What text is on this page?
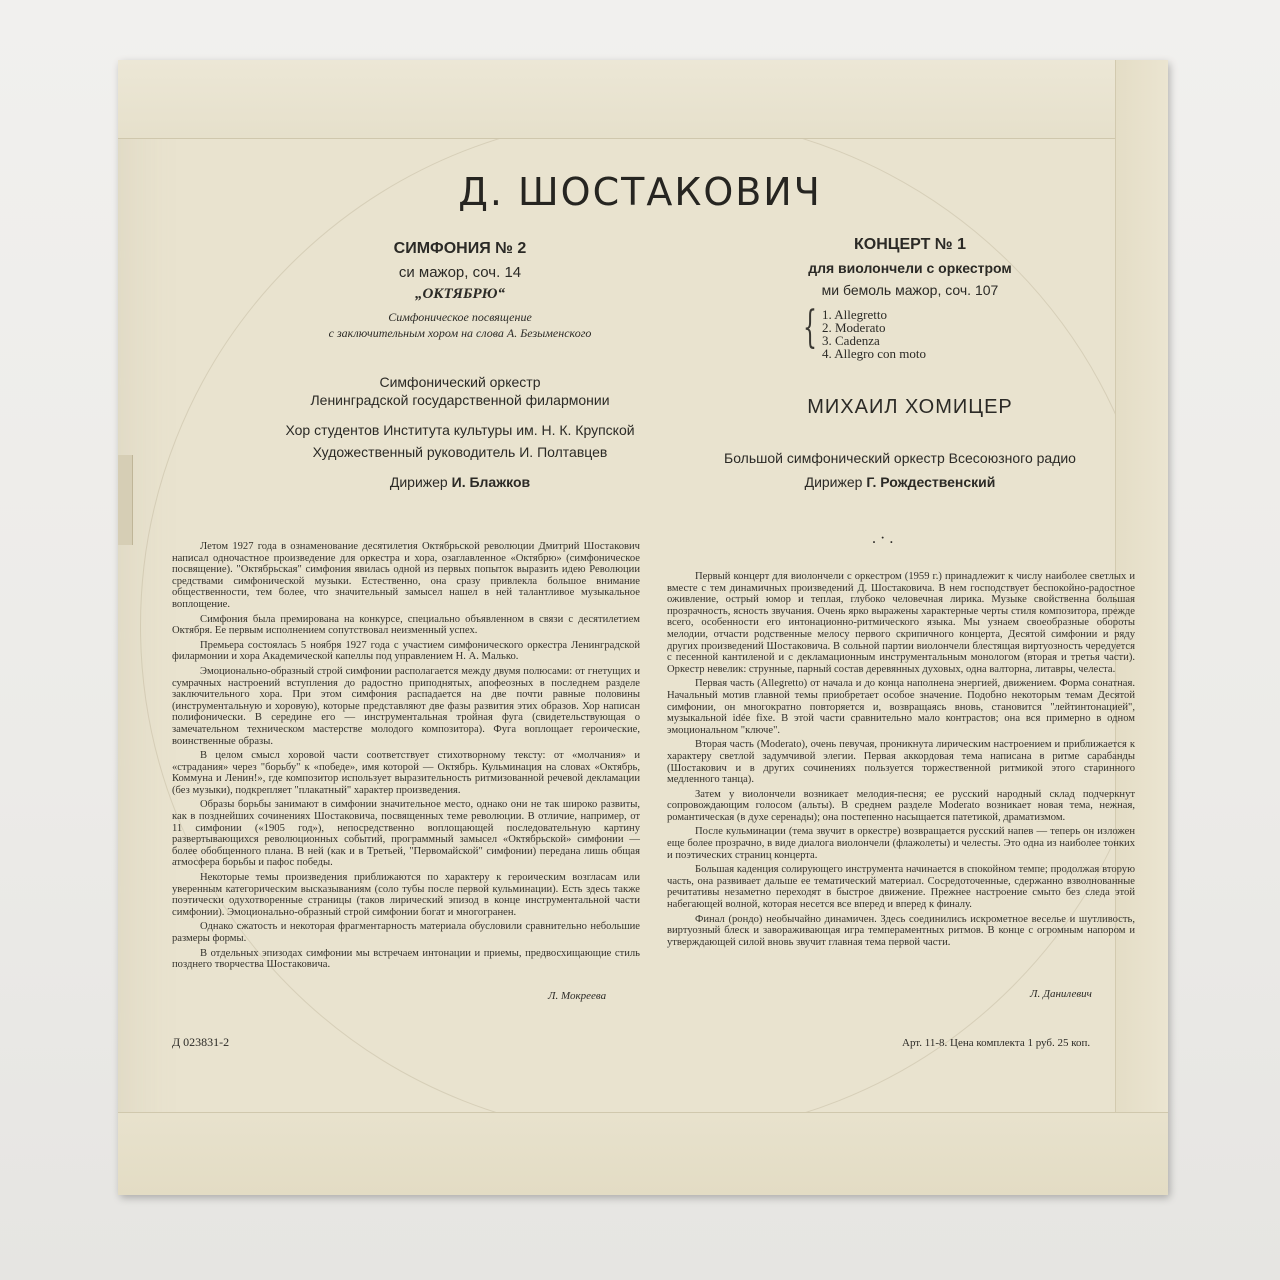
Д. ШОСТАКОВИЧ
СИМФОНИЯ № 2
си мажор, соч. 14
„ОКТЯБРЮ“
Симфоническое посвящение
с заключительным хором на слова А. Безыменского
Симфонический оркестр
Ленинградской государственной филармонии
Хор студентов Института культуры им. Н. К. Крупской
Художественный руководитель И. Полтавцев
Дирижер И. Блажков
КОНЦЕРТ № 1
для виолончели с оркестром
ми бемоль мажор, соч. 107
{ 1. Allegretto
2. Moderato
3. Cadenza
4. Allegro con moto
МИХАИЛ ХОМИЦЕР
Большой симфонический оркестр Всесоюзного радио
Дирижер Г. Рождественский
. · .

Летом 1927 года в ознаменование десятилетия Октябрьской революции Дмитрий Шостакович написал одночастное произведение для оркестра и хора, озаглавленное «Октябрю» (симфоническое посвящение). "Октябрьская" симфония явилась одной из первых попыток выразить идею Революции средствами симфонической музыки. Естественно, она сразу привлекла большое внимание общественности, тем более, что значительный замысел нашел в ней талантливое музыкальное воплощение.

Симфония была премирована на конкурсе, специально объявленном в связи с десятилетием Октября. Ее первым исполнением сопутствовал неизменный успех.

Премьера состоялась 5 ноября 1927 года с участием симфонического оркестра Ленинградской филармонии и хора Академической капеллы под управлением Н. А. Малько.

Эмоционально-образный строй симфонии располагается между двумя полюсами: от гнетущих и сумрачных настроений вступления до радостно приподнятых, апофеозных в последнем разделе заключительного хора. При этом симфония распадается на две почти равные половины (инструментальную и хоровую), которые представляют две фазы развития этих образов. Хор написан полифонически. В середине его — инструментальная тройная фуга (свидетельствующая о замечательном техническом мастерстве молодого композитора). Фуга воплощает героические, воинственные образы.

В целом смысл хоровой части соответствует стихотворному тексту: от «молчания» и «страдания» через "борьбу" к «победе», имя которой — Октябрь. Кульминация на словах «Октябрь, Коммуна и Ленин!», где композитор использует выразительность ритмизованной речевой декламации (без музыки), подкрепляет "плакатный" характер произведения.

Образы борьбы занимают в симфонии значительное место, однако они не так широко развиты, как в позднейших сочинениях Шостаковича, посвященных теме революции. В отличие, например, от 11 симфонии («1905 год»), непосредственно воплощающей последовательную картину развертывающихся революционных событий, программный замысел «Октябрьской» симфонии — более обобщенного плана. В ней (как и в Третьей, "Первомайской" симфонии) передана лишь общая атмосфера борьбы и пафос победы.

Некоторые темы произведения приближаются по характеру к героическим возгласам или уверенным категорическим высказываниям (соло тубы после первой кульминации). Есть здесь также поэтически одухотворенные страницы (таков лирический эпизод в конце инструментальной части симфонии). Эмоционально-образный строй симфонии богат и многогранен.

Однако сжатость и некоторая фрагментарность материала обусловили сравнительно небольшие размеры формы.

В отдельных эпизодах симфонии мы встречаем интонации и приемы, предвосхищающие стиль позднего творчества Шостаковича.

Л. Мокреева
Д 023831-2

Первый концерт для виолончели с оркестром (1959 г.) принадлежит к числу наиболее светлых и вместе с тем динамичных произведений Д. Шостаковича. В нем господствует беспокойно-радостное оживление, острый юмор и теплая, глубоко человечная лирика. Музыке свойственна большая прозрачность, ясность звучания. Очень ярко выражены характерные черты стиля композитора, прежде всего, особенности его интонационно-ритмического языка. Мы узнаем своеобразные обороты мелодии, отчасти родственные мелосу первого скрипичного концерта, Десятой симфонии и ряду других произведений Шостаковича. В сольной партии виолончели блестящая виртуозность чередуется с песенной кантиленой и с декламационным инструментальным монологом (вторая и третья части). Оркестр невелик: струнные, парный состав деревянных духовых, одна валторна, литавры, челеста.

Первая часть (Allegretto) от начала и до конца наполнена энергией, движением. Форма сонатная. Начальный мотив главной темы приобретает особое значение. Подобно некоторым темам Десятой симфонии, он многократно повторяется и, возвращаясь вновь, становится "лейтинтонацией", музыкальной idée fixe. В этой части сравнительно мало контрастов; она вся примерно в одном эмоциональном "ключе".

Вторая часть (Moderato), очень певучая, проникнута лирическим настроением и приближается к характеру светлой задумчивой элегии. Первая аккордовая тема написана в ритме сарабанды (Шостакович и в других сочинениях пользуется торжественной ритмикой этого старинного медленного танца).

Затем у виолончели возникает мелодия-песня; ее русский народный склад подчеркнут сопровождающим голосом (альты). В среднем разделе Moderato возникает новая тема, нежная, романтическая (в духе серенады); она постепенно насыщается патетикой, драматизмом.

После кульминации (тема звучит в оркестре) возвращается русский напев — теперь он изложен еще более прозрачно, в виде диалога виолончели (флажолеты) и челесты. Это одна из наиболее тонких и поэтических страниц концерта.

Большая каденция солирующего инструмента начинается в спокойном темпе; продолжая вторую часть, она развивает дальше ее тематический материал. Сосредоточенные, сдержанно взволнованные речитативы незаметно переходят в быстрое движение. Прежнее настроение смыто без следа этой набегающей волной, которая несется все вперед и вперед к финалу.

Финал (рондо) необычайно динамичен. Здесь соединились искрометное веселье и шутливость, виртуозный блеск и завораживающая игра темпераментных ритмов. В конце с огромным напором и утверждающей силой вновь звучит главная тема первой части.

Л. Данилевич
Арт. 11-8. Цена комплекта 1 руб. 25 коп.
